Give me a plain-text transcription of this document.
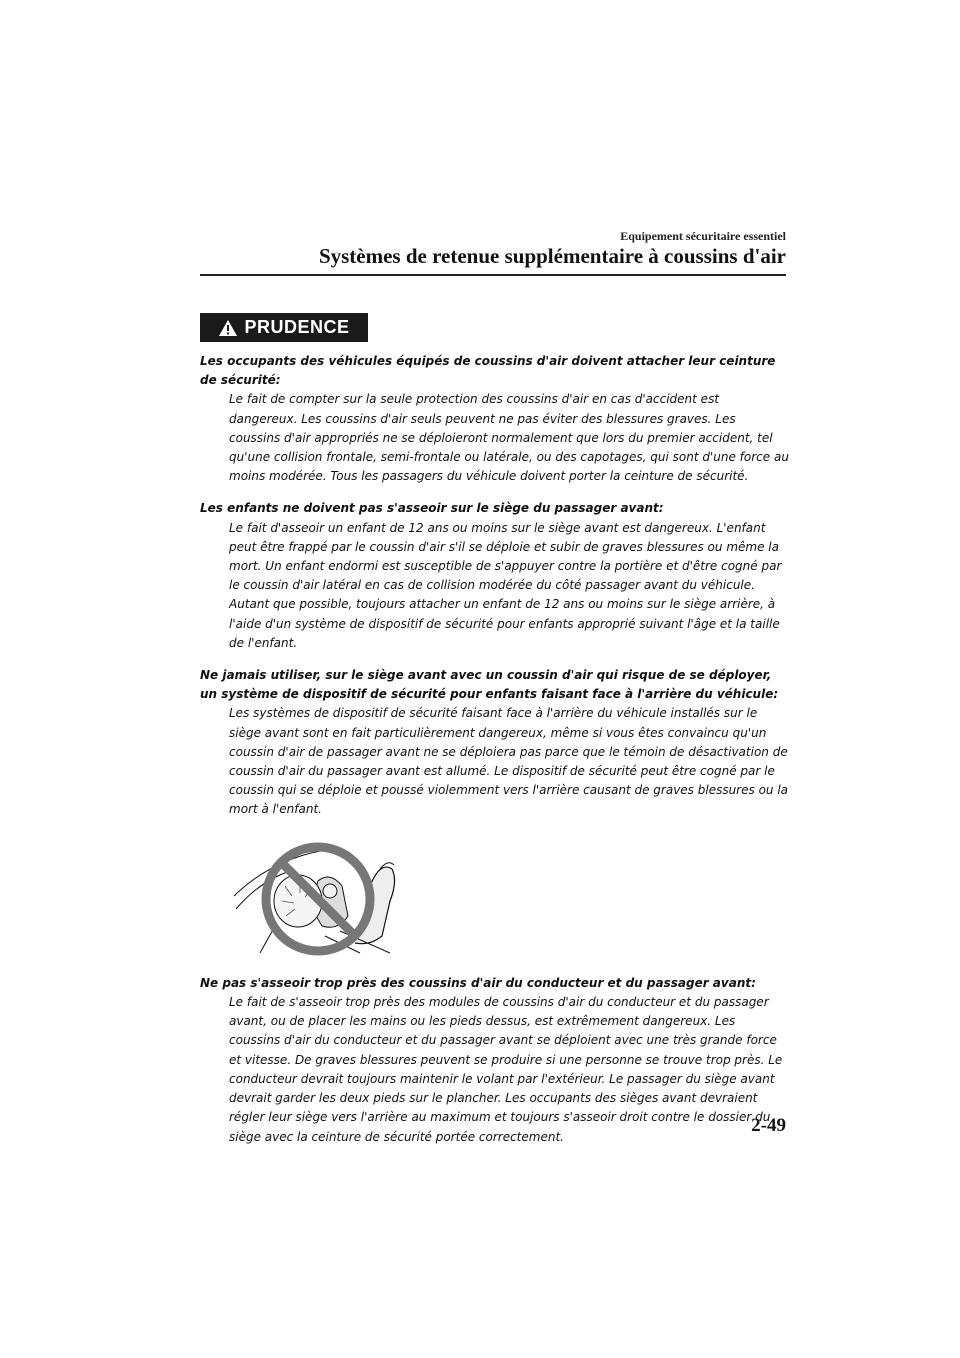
Equipement sécuritaire essentiel
Systèmes de retenue supplémentaire à coussins d'air
PRUDENCE

Les occupants des véhicules équipés de coussins d'air doivent attacher leur ceinture de sécurité:

Le fait de compter sur la seule protection des coussins d'air en cas d'accident est dangereux. Les coussins d'air seuls peuvent ne pas éviter des blessures graves. Les coussins d'air appropriés ne se déploieront normalement que lors du premier accident, tel qu'une collision frontale, semi-frontale ou latérale, ou des capotages, qui sont d'une force au moins modérée. Tous les passagers du véhicule doivent porter la ceinture de sécurité.

Les enfants ne doivent pas s'asseoir sur le siège du passager avant:

Le fait d'asseoir un enfant de 12 ans ou moins sur le siège avant est dangereux. L'enfant peut être frappé par le coussin d'air s'il se déploie et subir de graves blessures ou même la mort. Un enfant endormi est susceptible de s'appuyer contre la portière et d'être cogné par le coussin d'air latéral en cas de collision modérée du côté passager avant du véhicule. Autant que possible, toujours attacher un enfant de 12 ans ou moins sur le siège arrière, à l'aide d'un système de dispositif de sécurité pour enfants approprié suivant l'âge et la taille de l'enfant.

Ne jamais utiliser, sur le siège avant avec un coussin d'air qui risque de se déployer, un système de dispositif de sécurité pour enfants faisant face à l'arrière du véhicule:

Les systèmes de dispositif de sécurité faisant face à l'arrière du véhicule installés sur le siège avant sont en fait particulièrement dangereux, même si vous êtes convaincu qu'un coussin d'air de passager avant ne se déploiera pas parce que le témoin de désactivation de coussin d'air du passager avant est allumé. Le dispositif de sécurité peut être cogné par le coussin qui se déploie et poussé violemment vers l'arrière causant de graves blessures ou la mort à l'enfant.

Ne pas s'asseoir trop près des coussins d'air du conducteur et du passager avant:

Le fait de s'asseoir trop près des modules de coussins d'air du conducteur et du passager avant, ou de placer les mains ou les pieds dessus, est extrêmement dangereux. Les coussins d'air du conducteur et du passager avant se déploient avec une très grande force et vitesse. De graves blessures peuvent se produire si une personne se trouve trop près. Le conducteur devrait toujours maintenir le volant par l'extérieur. Le passager du siège avant devrait garder les deux pieds sur le plancher. Les occupants des sièges avant devraient régler leur siège vers l'arrière au maximum et toujours s'asseoir droit contre le dossier du siège avec la ceinture de sécurité portée correctement.

2-49
